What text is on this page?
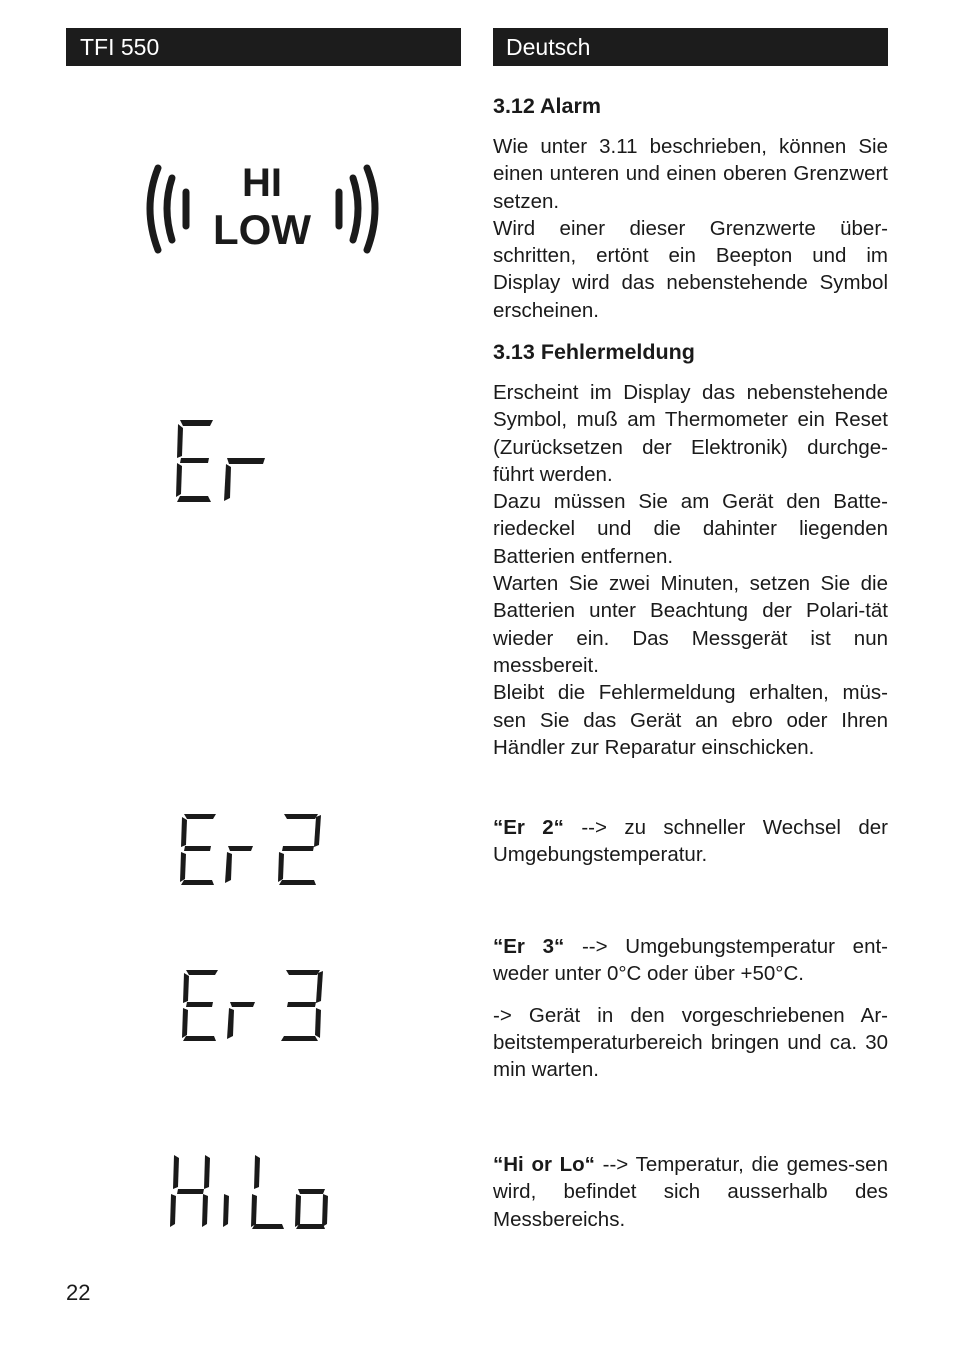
TFI 550	Deutsch
HI
LOW
3.12 Alarm

Wie unter 3.11 beschrieben, können Sie einen unteren und einen oberen Grenzwert setzen.

Wird einer dieser Grenzwerte über-schritten, ertönt ein Beepton und im Display wird das nebenstehende Symbol erscheinen.

3.13 Fehlermeldung

Erscheint im Display das nebenstehende Symbol, muß am Thermometer ein Reset (Zurücksetzen der Elektronik) durchge-führt werden.

Dazu müssen Sie am Gerät den Batte-riedeckel und die dahinter liegenden Batterien entfernen.

Warten Sie zwei Minuten, setzen Sie die Batterien unter Beachtung der Polari-tät wieder ein. Das Messgerät ist nun messbereit.

Bleibt die Fehlermeldung erhalten, müs-sen Sie das Gerät an ebro oder Ihren Händler zur Reparatur einschicken.

“Er 2“ --> zu schneller Wechsel der Umgebungstemperatur.

“Er 3“ --> Umgebungstemperatur ent-weder unter 0°C oder über +50°C.

-> Gerät in den vorgeschriebenen Ar-beitstemperaturbereich bringen und ca. 30 min warten.

“Hi or Lo“ --> Temperatur, die gemes-sen wird, befindet sich ausserhalb des Messbereichs.

22
